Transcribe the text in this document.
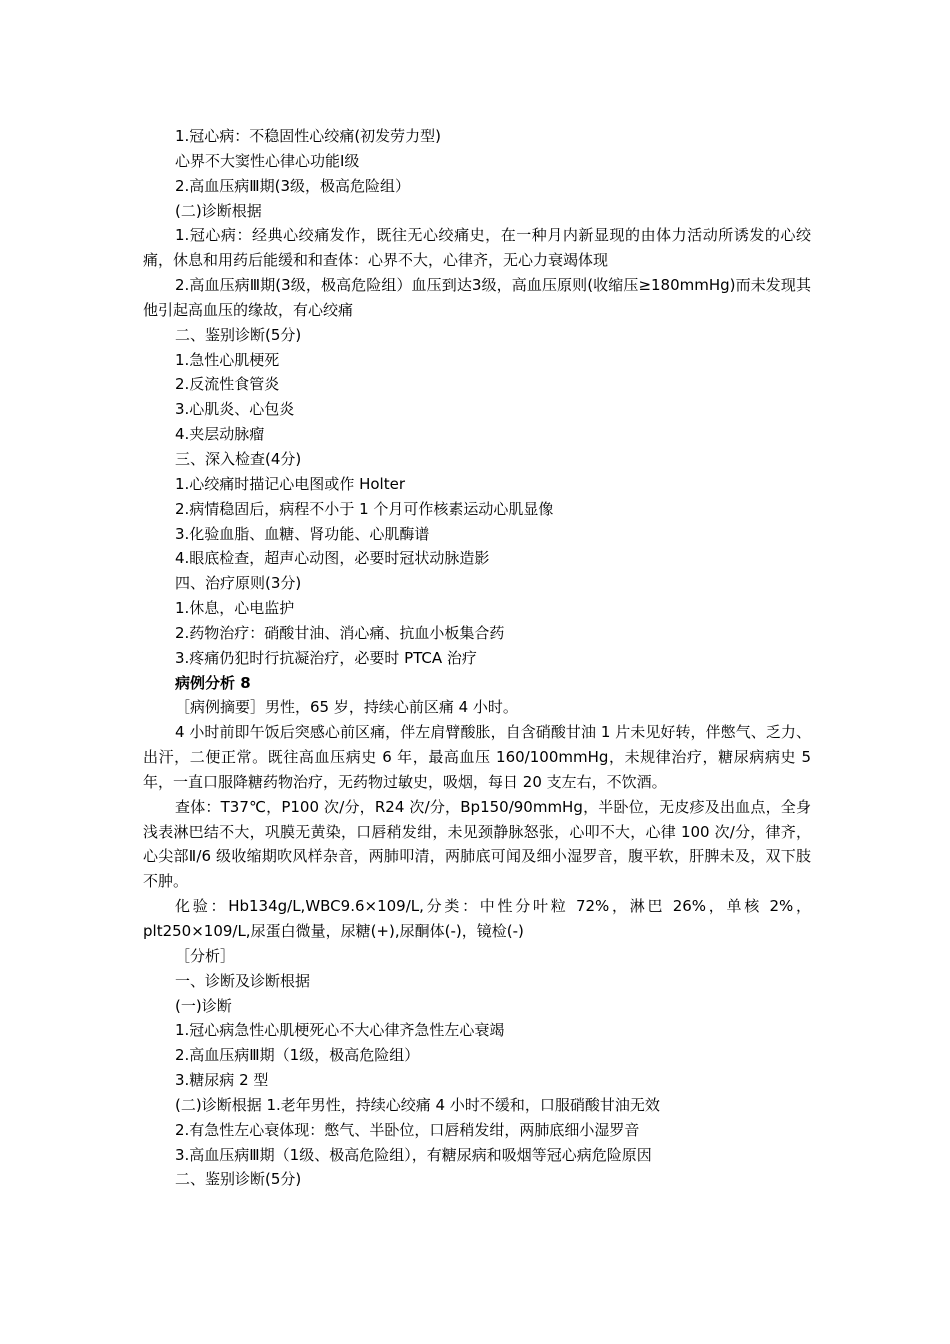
1.冠心病：不稳固性心绞痛(初发劳力型)
心界不大窦性心律心功能Ⅰ级
2.高血压病Ⅲ期(3级，极高危险组）
(二)诊断根据
1.冠心病：经典心绞痛发作，既往无心绞痛史，在一种月内新显现的由体力活动所诱发的心绞痛，休息和用药后能缓和和查体：心界不大，心律齐，无心力衰竭体现
2.高血压病Ⅲ期(3级，极高危险组）血压到达3级，高血压原则(收缩压≥180mmHg)而未发现其他引起高血压的缘故，有心绞痛
二、鉴别诊断(5分)
1.急性心肌梗死
2.反流性食管炎
3.心肌炎、心包炎
4.夹层动脉瘤
三、深入检查(4分)
1.心绞痛时描记心电图或作 Holter
2.病情稳固后，病程不小于 1 个月可作核素运动心肌显像
3.化验血脂、血糖、肾功能、心肌酶谱
4.眼底检查，超声心动图，必要时冠状动脉造影
四、治疗原则(3分)
1.休息，心电监护
2.药物治疗：硝酸甘油、消心痛、抗血小板集合药
3.疼痛仍犯时行抗凝治疗，必要时 PTCA 治疗
病例分析 8
［病例摘要］男性，65 岁，持续心前区痛 4 小时。
4 小时前即午饭后突感心前区痛，伴左肩臂酸胀，自含硝酸甘油 1 片未见好转，伴憋气、乏力、出汗，二便正常。既往高血压病史 6 年，最高血压 160/100mmHg，未规律治疗，糖尿病病史 5 年，一直口服降糖药物治疗，无药物过敏史，吸烟，每日 20 支左右，不饮酒。
查体：T37℃，P100 次/分，R24 次/分，Bp150/90mmHg，半卧位，无皮疹及出血点，全身浅表淋巴结不大，巩膜无黄染，口唇稍发绀，未见颈静脉怒张，心叩不大，心律 100 次/分，律齐，心尖部Ⅱ/6 级收缩期吹风样杂音，两肺叩清，两肺底可闻及细小湿罗音，腹平软，肝脾未及，双下肢不肿。
化验：Hb134g/L,WBC9.6×109/L,分类：中性分叶粒 72%，淋巴 26%，单核 2%，plt250×109/L,尿蛋白微量，尿糖(+),尿酮体(-)，镜检(-)
［分析］
一、诊断及诊断根据
(一)诊断
1.冠心病急性心肌梗死心不大心律齐急性左心衰竭
2.高血压病Ⅲ期（1级，极高危险组）
3.糖尿病 2 型
(二)诊断根据 1.老年男性，持续心绞痛 4 小时不缓和，口服硝酸甘油无效
2.有急性左心衰体现：憋气、半卧位，口唇稍发绀，两肺底细小湿罗音
3.高血压病Ⅲ期（1级、极高危险组），有糖尿病和吸烟等冠心病危险原因
二、鉴别诊断(5分)
